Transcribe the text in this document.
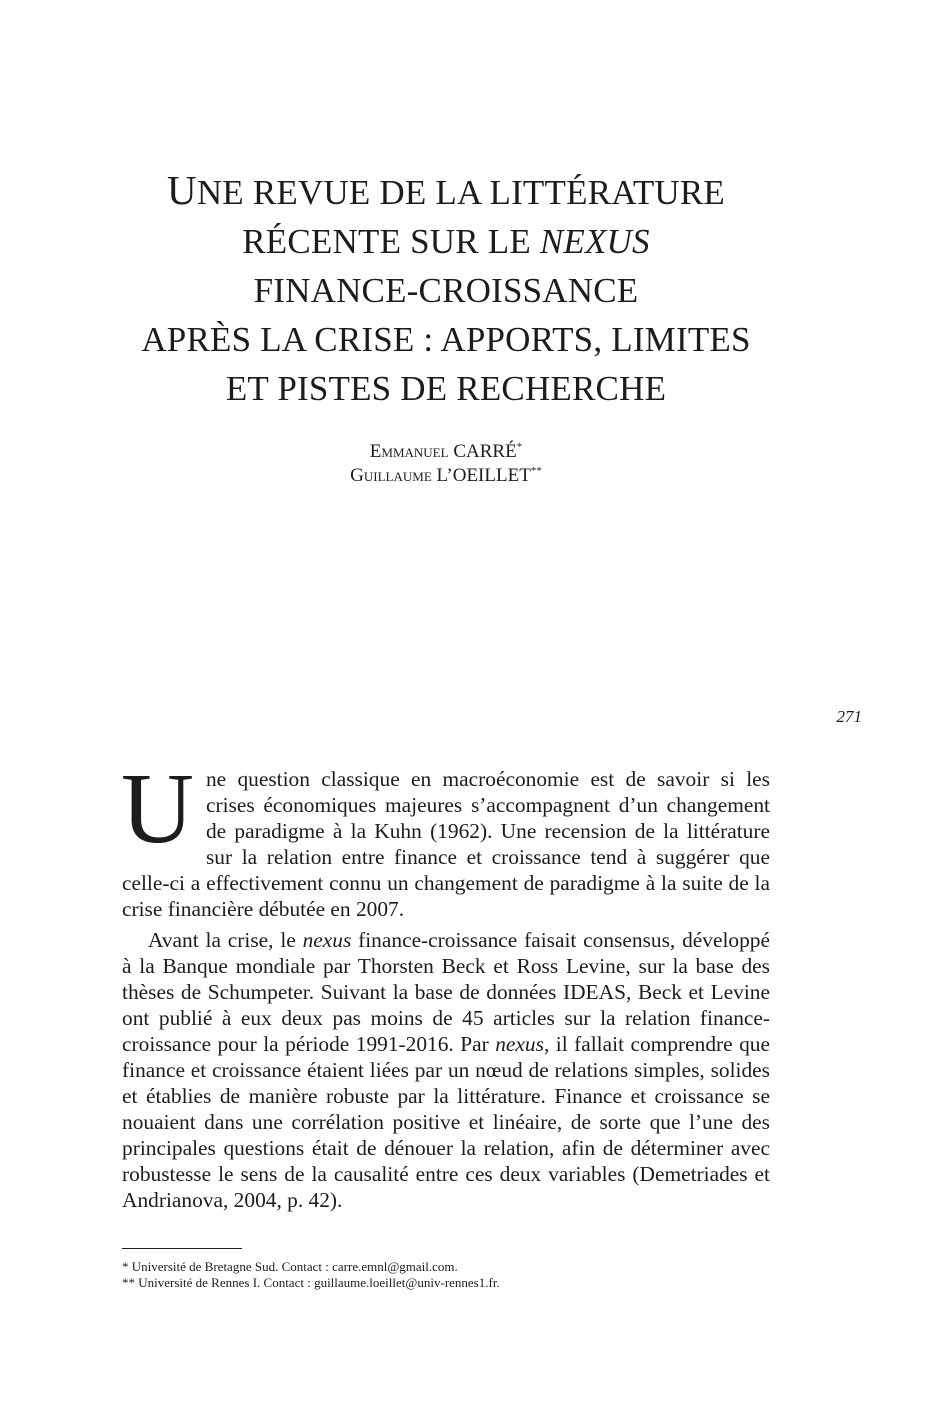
UNE REVUE DE LA LITTÉRATURE
RÉCENTE SUR LE NEXUS
FINANCE-CROISSANCE
APRÈS LA CRISE : APPORTS, LIMITES
ET PISTES DE RECHERCHE
Emmanuel CARRÉ*
Guillaume L’OEILLET**
271

Une question classique en macroéconomie est de savoir si les crises économiques majeures s’accompagnent d’un changement de paradigme à la Kuhn (1962). Une recension de la littérature sur la relation entre finance et croissance tend à suggérer que celle-ci a effectivement connu un changement de paradigme à la suite de la crise financière débutée en 2007.

Avant la crise, le nexus finance-croissance faisait consensus, développé à la Banque mondiale par Thorsten Beck et Ross Levine, sur la base des thèses de Schumpeter. Suivant la base de données IDEAS, Beck et Levine ont publié à eux deux pas moins de 45 articles sur la relation finance-croissance pour la période 1991-2016. Par nexus, il fallait comprendre que finance et croissance étaient liées par un nœud de relations simples, solides et établies de manière robuste par la littérature. Finance et croissance se nouaient dans une corrélation positive et linéaire, de sorte que l’une des principales questions était de dénouer la relation, afin de déterminer avec robustesse le sens de la causalité entre ces deux variables (Demetriades et Andrianova, 2004, p. 42).

* Université de Bretagne Sud. Contact : carre.emnl@gmail.com.
** Université de Rennes I. Contact : guillaume.loeillet@univ-rennes1.fr.
